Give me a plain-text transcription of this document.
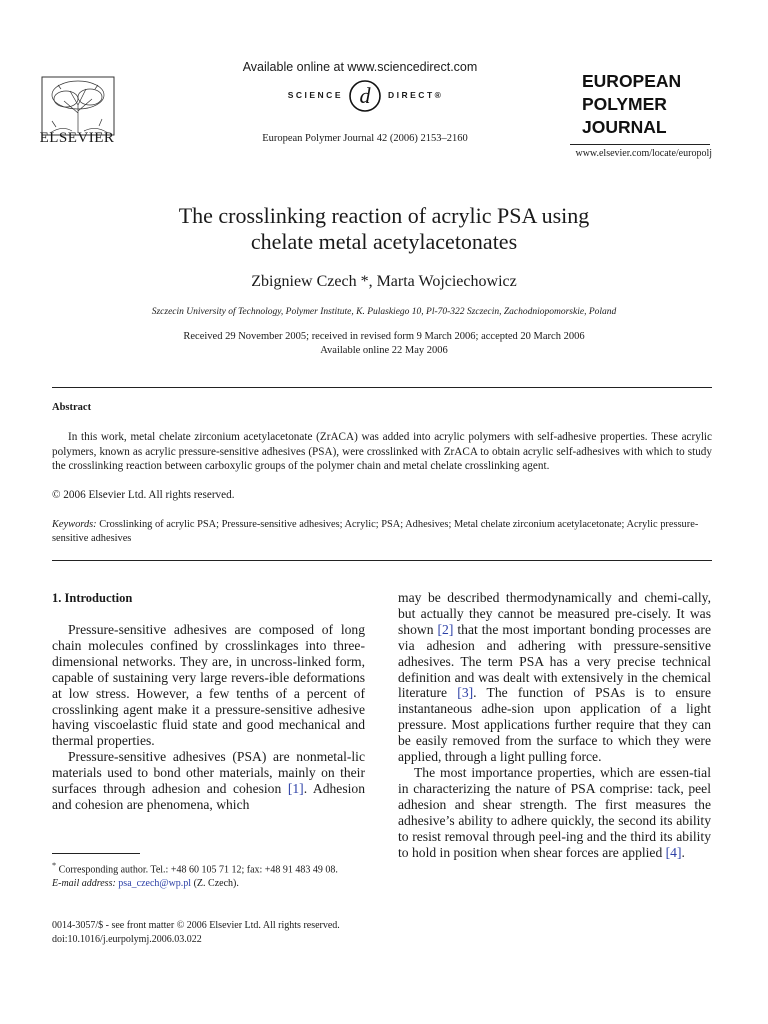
ELSEVIER
Available online at www.sciencedirect.com
SCIENCE d DIRECT®
European Polymer Journal 42 (2006) 2153–2160
EUROPEAN
POLYMER
JOURNAL
www.elsevier.com/locate/europolj
The crosslinking reaction of acrylic PSA using
chelate metal acetylacetonates
Zbigniew Czech *, Marta Wojciechowicz
Szczecin University of Technology, Polymer Institute, K. Pulaskiego 10, Pl-70-322 Szczecin, Zachodniopomorskie, Poland
Received 29 November 2005; received in revised form 9 March 2006; accepted 20 March 2006
Available online 22 May 2006
Abstract
In this work, metal chelate zirconium acetylacetonate (ZrACA) was added into acrylic polymers with self-adhesive properties. These acrylic polymers, known as acrylic pressure-sensitive adhesives (PSA), were crosslinked with ZrACA to obtain acrylic self-adhesives with which to study the crosslinking reaction between carboxylic groups of the polymer chain and metal chelate crosslinking agent.
© 2006 Elsevier Ltd. All rights reserved.
Keywords: Crosslinking of acrylic PSA; Pressure-sensitive adhesives; Acrylic; PSA; Adhesives; Metal chelate zirconium acetylacetonate; Acrylic pressure-sensitive adhesives
1. Introduction

Pressure-sensitive adhesives are composed of long chain molecules confined by crosslinkages into three-dimensional networks. They are, in uncross-linked form, capable of sustaining very large revers-ible deformations at low stress. However, a few tenths of a percent of crosslinking agent make it a pressure-sensitive adhesive having viscoelastic fluid state and good mechanical and thermal properties.

Pressure-sensitive adhesives (PSA) are nonmetal-lic materials used to bond other materials, mainly on their surfaces through adhesion and cohesion [1]. Adhesion and cohesion are phenomena, which

* Corresponding author. Tel.: +48 60 105 71 12; fax: +48 91 483 49 08.
E-mail address: psa_czech@wp.pl (Z. Czech).
0014-3057/$ - see front matter © 2006 Elsevier Ltd. All rights reserved.
doi:10.1016/j.eurpolymj.2006.03.022

may be described thermodynamically and chemi-cally, but actually they cannot be measured pre-cisely. It was shown [2] that the most important bonding processes are via adhesion and adhering with pressure-sensitive adhesives. The term PSA has a very precise technical definition and was dealt with extensively in the chemical literature [3]. The function of PSAs is to ensure instantaneous adhe-sion upon application of a light pressure. Most applications further require that they can be easily removed from the surface to which they were applied, through a light pulling force.

The most importance properties, which are essen-tial in characterizing the nature of PSA comprise: tack, peel adhesion and shear strength. The first measures the adhesive’s ability to adhere quickly, the second its ability to resist removal through peel-ing and the third its ability to hold in position when shear forces are applied [4].
